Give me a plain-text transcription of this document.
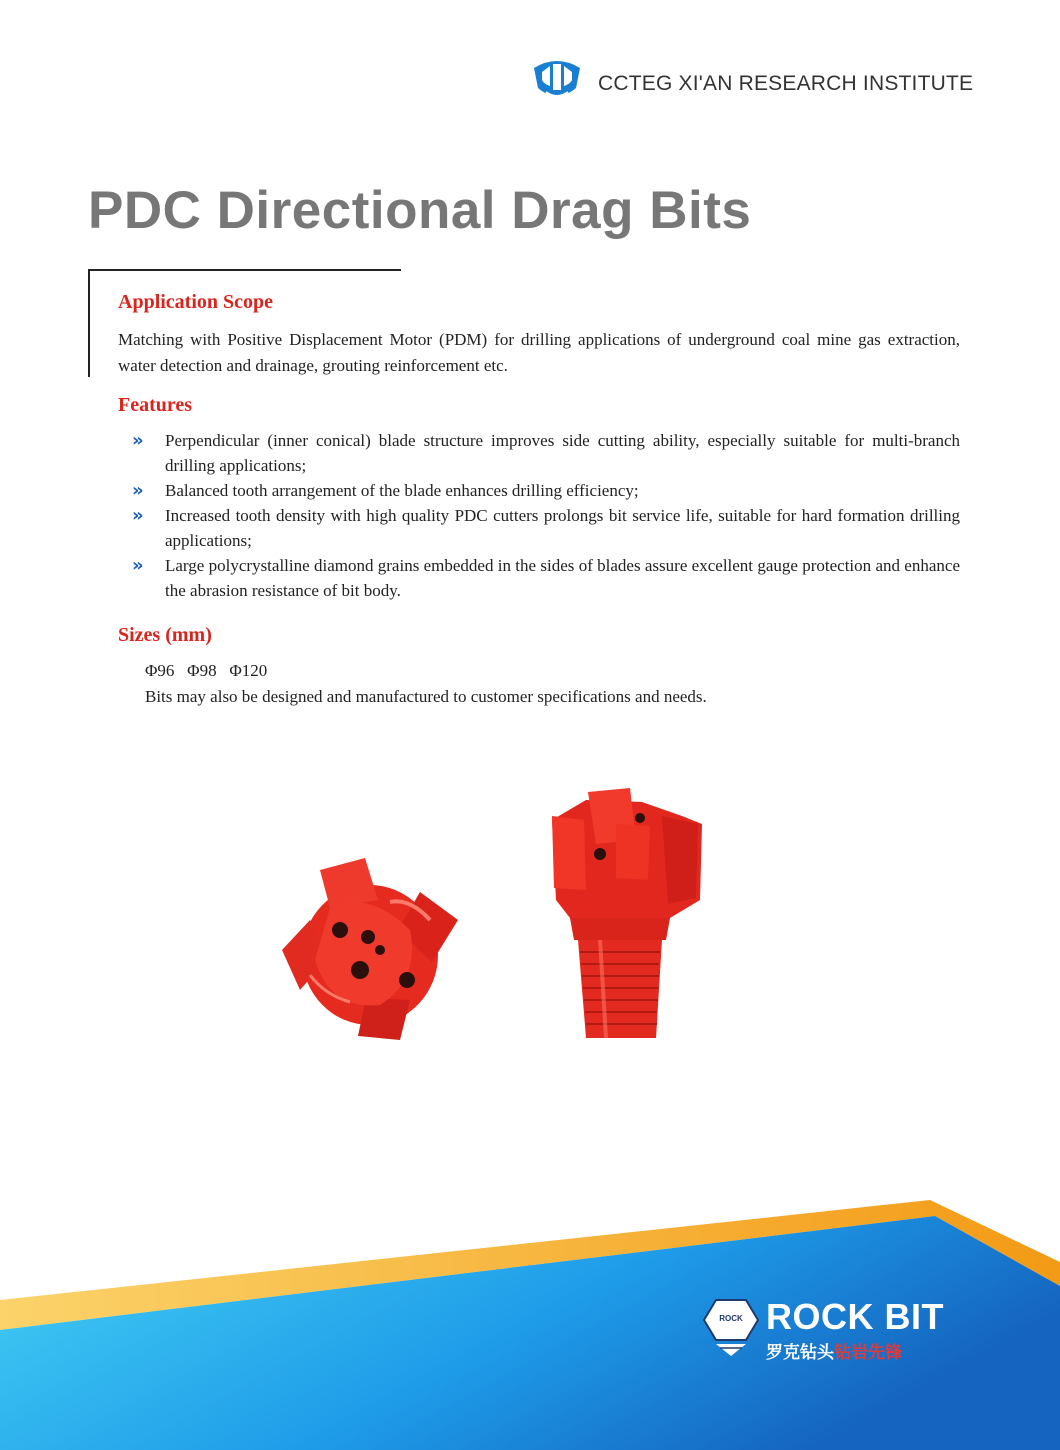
CCTEG XI'AN RESEARCH INSTITUTE
PDC Directional Drag Bits
Application Scope

Matching with Positive Displacement Motor (PDM) for drilling applications of underground coal mine gas extraction, water detection and drainage, grouting reinforcement etc.

Features
» Perpendicular (inner conical) blade structure improves side cutting ability, especially suitable for multi-branch drilling applications;
» Balanced tooth arrangement of the blade enhances drilling efficiency;
» Increased tooth density with high quality PDC cutters prolongs bit service life, suitable for hard formation drilling applications;
» Large polycrystalline diamond grains embedded in the sides of blades assure excellent gauge protection and enhance the abrasion resistance of bit body.
Sizes (mm)
Φ96   Φ98   Φ120
Bits may also be designed and manufactured to customer specifications and needs.
ROCK ROCK BIT
罗克钻头钻岩先锋
